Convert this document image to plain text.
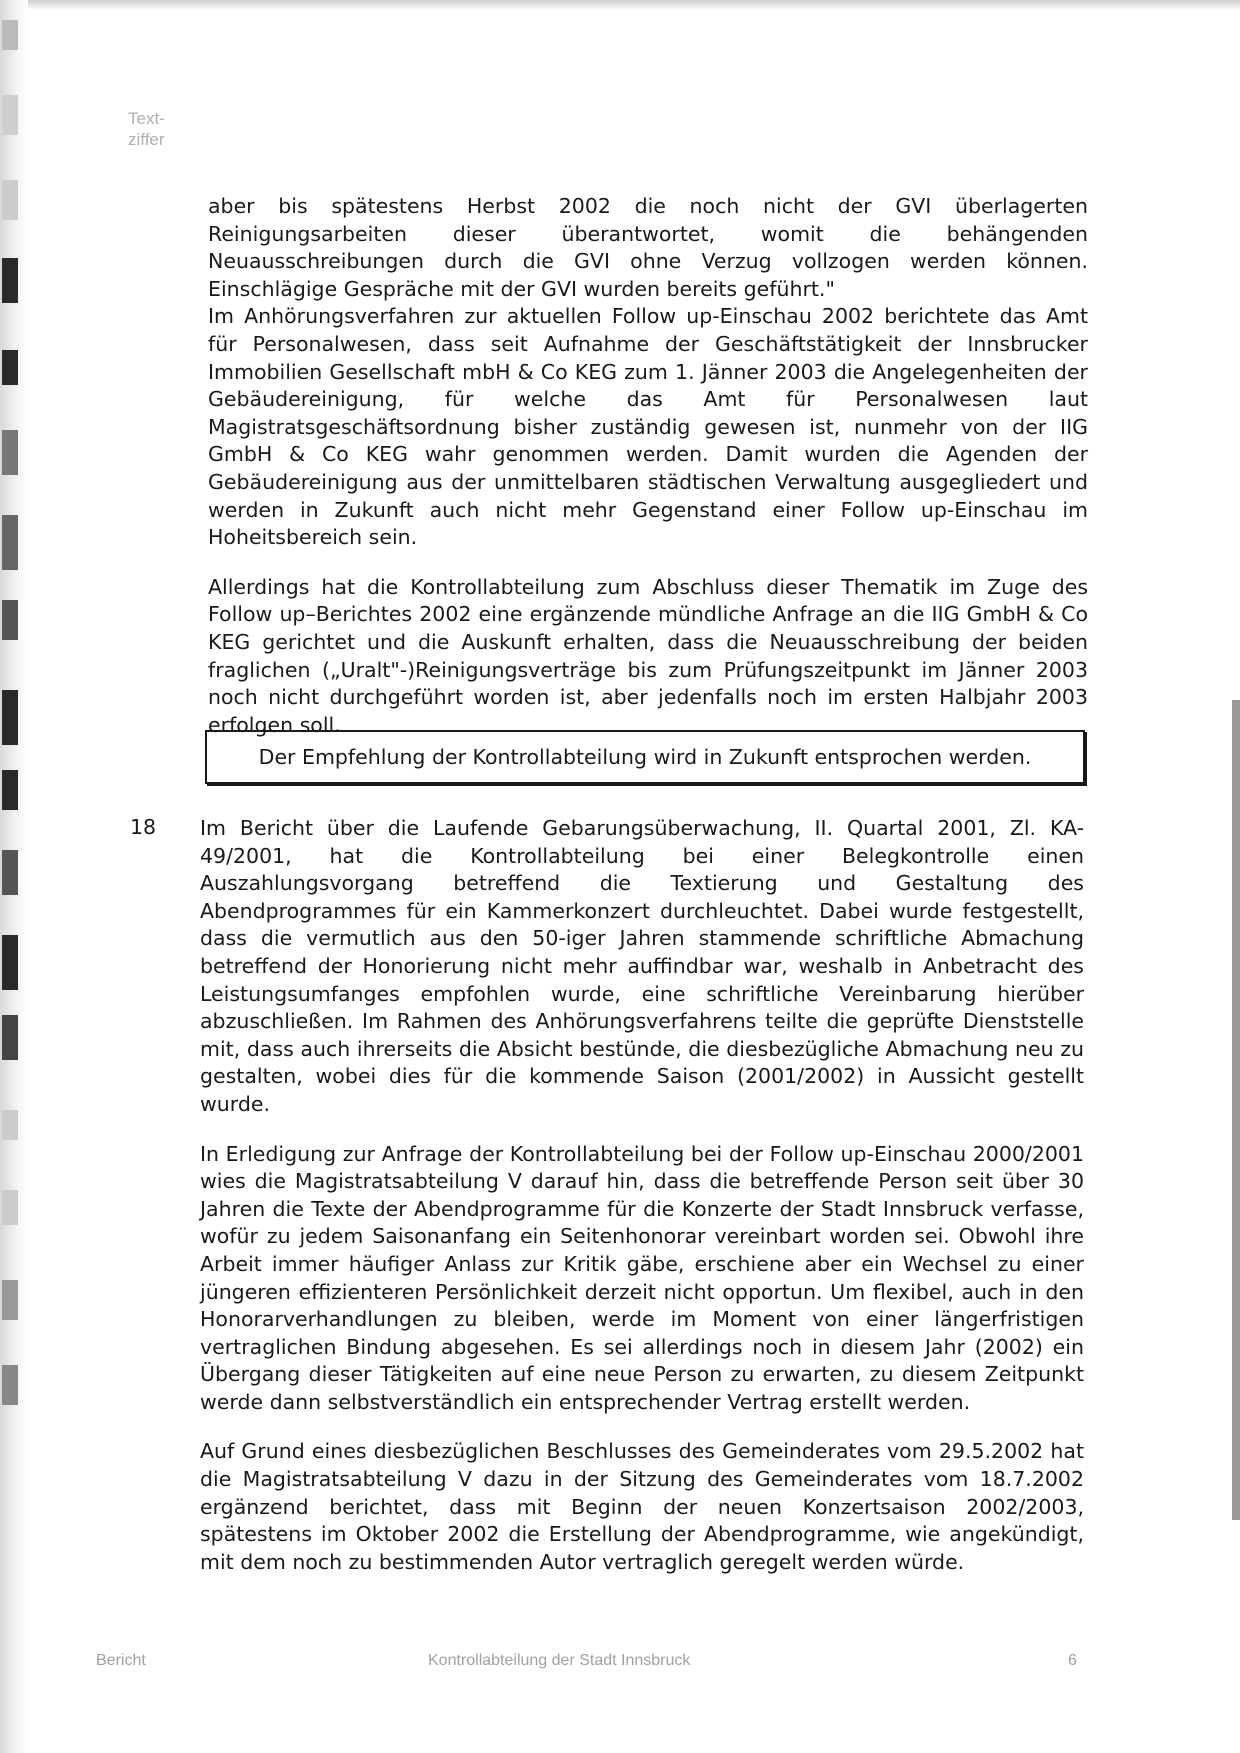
Text-
ziffer

aber bis spätestens Herbst 2002 die noch nicht der GVI überlagerten Reinigungsarbeiten dieser überantwortet, womit die behängenden Neuausschreibungen durch die GVI ohne Verzug vollzogen werden können. Einschlägige Gespräche mit der GVI wurden bereits geführt."

Im Anhörungsverfahren zur aktuellen Follow up-Einschau 2002 berichtete das Amt für Personalwesen, dass seit Aufnahme der Geschäftstätigkeit der Innsbrucker Immobilien Gesellschaft mbH & Co KEG zum 1. Jänner 2003 die Angelegenheiten der Gebäudereinigung, für welche das Amt für Personalwesen laut Magistratsgeschäftsordnung bisher zuständig gewesen ist, nunmehr von der IIG GmbH & Co KEG wahr genommen werden. Damit wurden die Agenden der Gebäudereinigung aus der unmittelbaren städtischen Verwaltung ausgegliedert und werden in Zukunft auch nicht mehr Gegenstand einer Follow up-Einschau im Hoheitsbereich sein.

Allerdings hat die Kontrollabteilung zum Abschluss dieser Thematik im Zuge des Follow up–Berichtes 2002 eine ergänzende mündliche Anfrage an die IIG GmbH & Co KEG gerichtet und die Auskunft erhalten, dass die Neuausschreibung der beiden fraglichen („Uralt"-)Reinigungsverträge bis zum Prüfungszeitpunkt im Jänner 2003 noch nicht durchgeführt worden ist, aber jedenfalls noch im ersten Halbjahr 2003 erfolgen soll.

Der Empfehlung der Kontrollabteilung wird in Zukunft entsprochen werden.
18 Im Bericht über die Laufende Gebarungsüberwachung, II. Quartal 2001, Zl. KA-49/2001, hat die Kontrollabteilung bei einer Belegkontrolle einen Auszahlungsvorgang betreffend die Textierung und Gestaltung des Abendprogrammes für ein Kammerkonzert durchleuchtet. Dabei wurde festgestellt, dass die vermutlich aus den 50-iger Jahren stammende schriftliche Abmachung betreffend der Honorierung nicht mehr auffindbar war, weshalb in Anbetracht des Leistungsumfanges empfohlen wurde, eine schriftliche Vereinbarung hierüber abzuschließen. Im Rahmen des Anhörungsverfahrens teilte die geprüfte Dienststelle mit, dass auch ihrerseits die Absicht bestünde, die diesbezügliche Abmachung neu zu gestalten, wobei dies für die kommende Saison (2001/2002) in Aussicht gestellt wurde.

In Erledigung zur Anfrage der Kontrollabteilung bei der Follow up-Einschau 2000/2001 wies die Magistratsabteilung V darauf hin, dass die betreffende Person seit über 30 Jahren die Texte der Abendprogramme für die Konzerte der Stadt Innsbruck verfasse, wofür zu jedem Saisonanfang ein Seitenhonorar vereinbart worden sei. Obwohl ihre Arbeit immer häufiger Anlass zur Kritik gäbe, erschiene aber ein Wechsel zu einer jüngeren effizienteren Persönlichkeit derzeit nicht opportun. Um flexibel, auch in den Honorarverhandlungen zu bleiben, werde im Moment von einer längerfristigen vertraglichen Bindung abgesehen. Es sei allerdings noch in diesem Jahr (2002) ein Übergang dieser Tätigkeiten auf eine neue Person zu erwarten, zu diesem Zeitpunkt werde dann selbstverständlich ein entsprechender Vertrag erstellt werden.

Auf Grund eines diesbezüglichen Beschlusses des Gemeinderates vom 29.5.2002 hat die Magistratsabteilung V dazu in der Sitzung des Gemeinderates vom 18.7.2002 ergänzend berichtet, dass mit Beginn der neuen Konzertsaison 2002/2003, spätestens im Oktober 2002 die Erstellung der Abendprogramme, wie angekündigt, mit dem noch zu bestimmenden Autor vertraglich geregelt werden würde.

Bericht	Kontrollabteilung der Stadt Innsbruck	6
